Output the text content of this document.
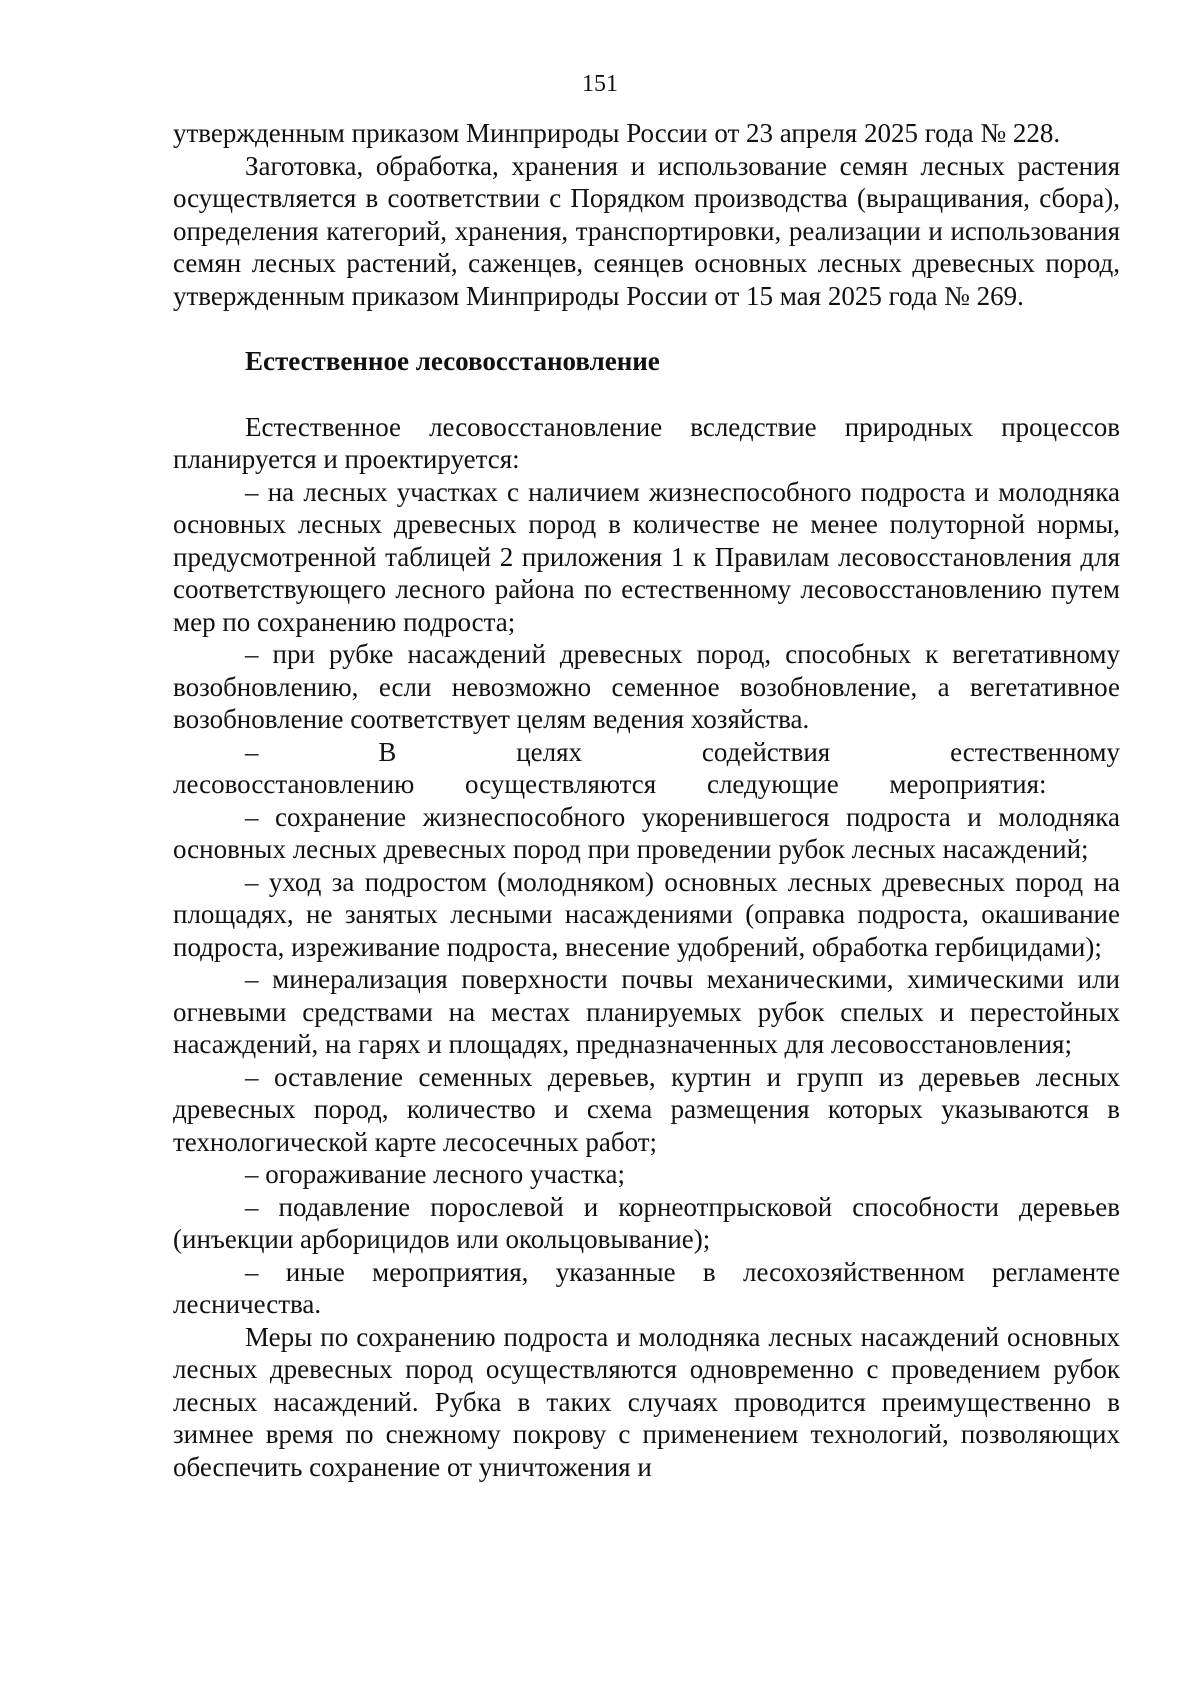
151

утвержденным приказом Минприроды России от 23 апреля 2025 года № 228.

Заготовка, обработка, хранения и использование семян лесных растения осуществляется в соответствии с Порядком производства (выращивания, сбора), определения категорий, хранения, транспортировки, реализации и использования семян лесных растений, саженцев, сеянцев основных лесных древесных пород, утвержденным приказом Минприроды России от 15 мая 2025 года № 269.

Естественное лесовосстановление

Естественное лесовосстановление вследствие природных процессов планируется и проектируется:

– на лесных участках с наличием жизнеспособного подроста и молодняка основных лесных древесных пород в количестве не менее полуторной нормы, предусмотренной таблицей 2 приложения 1 к Правилам лесовосстановления для соответствующего лесного района по естественному лесовосстановлению путем мер по сохранению подроста;

– при рубке насаждений древесных пород, способных к вегетативному возобновлению, если невозможно семенное возобновление, а вегетативное возобновление соответствует целям ведения хозяйства.

– В целях содействия естественному лесовосстановлению осуществляются следующие мероприятия:

– сохранение жизнеспособного укоренившегося подроста и молодняка основных лесных древесных пород при проведении рубок лесных насаждений;

– уход за подростом (молодняком) основных лесных древесных пород на площадях, не занятых лесными насаждениями (оправка подроста, окашивание подроста, изреживание подроста, внесение удобрений, обработка гербицидами);

– минерализация поверхности почвы механическими, химическими или огневыми средствами на местах планируемых рубок спелых и перестойных насаждений, на гарях и площадях, предназначенных для лесовосстановления;

– оставление семенных деревьев, куртин и групп из деревьев лесных древесных пород, количество и схема размещения которых указываются в технологической карте лесосечных работ;

– огораживание лесного участка;

– подавление порослевой и корнеотпрысковой способности деревьев (инъекции арборицидов или окольцовывание);

– иные мероприятия, указанные в лесохозяйственном регламенте лесничества.

Меры по сохранению подроста и молодняка лесных насаждений основных лесных древесных пород осуществляются одновременно с проведением рубок лесных насаждений. Рубка в таких случаях проводится преимущественно в зимнее время по снежному покрову с применением технологий, позволяющих обеспечить сохранение от уничтожения и
